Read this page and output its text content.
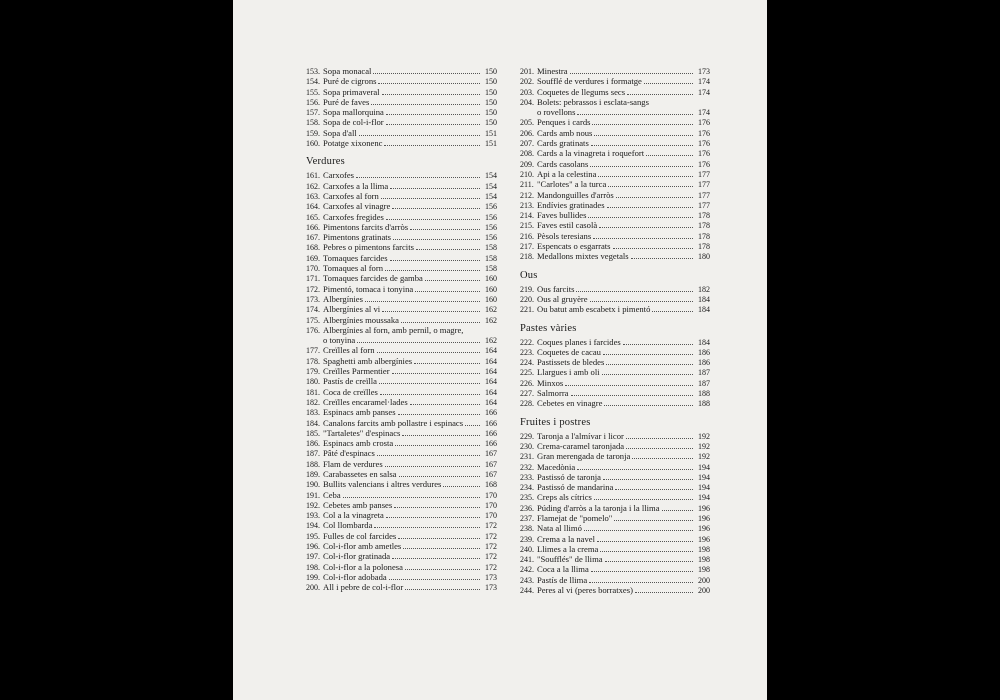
153. Sopa monacal	150
154. Puré de cigrons	150
155. Sopa primaveral	150
156. Puré de faves	150
157. Sopa mallorquina	150
158. Sopa de col-i-flor	150
159. Sopa d'all	151
160. Potatge xixonenc	151
Verdures
161. Carxofes	154
162. Carxofes a la llima	154
163. Carxofes al forn	154
164. Carxofes al vinagre	156
165. Carxofes fregides	156
166. Pimentons farcits d'arròs	156
167. Pimentons gratinats	156
168. Pebres o pimentons farcits	158
169. Tomaques farcides	158
170. Tomaques al forn	158
171. Tomaques farcides de gamba	160
172. Pimentó, tomaca i tonyina	160
173. Albergínies	160
174. Albergínies al vi	162
175. Albergínies moussaka	162
176. Albergínies al forn, amb pernil, o magre,
o tonyina	162
177. Creïlles al forn	164
178. Spaghetti amb albergínies	164
179. Creïlles Parmentier	164
180. Pastís de creïlla	164
181. Coca de creïlles	164
182. Creïlles encaramel·lades	164
183. Espinacs amb panses	166
184. Canalons farcits amb pollastre i espinacs	166
185. "Tartaletes" d'espinacs	166
186. Espinacs amb crosta	166
187. Pâté d'espinacs	167
188. Flam de verdures	167
189. Carabassetes en salsa	167
190. Bullits valencians i altres verdures	168
191. Ceba	170
192. Cebetes amb panses	170
193. Col a la vinagreta	170
194. Col llombarda	172
195. Fulles de col farcides	172
196. Col-i-flor amb ametles	172
197. Col-i-flor gratinada	172
198. Col-i-flor a la polonesa	172
199. Col-i-flor adobada	173
200. All i pebre de col-i-flor	173
201. Minestra	173
202. Soufflé de verdures i formatge	174
203. Coquetes de llegums secs	174
204. Bolets: pebrassos i esclata-sangs
o rovellons	174
205. Penques i cards	176
206. Cards amb nous	176
207. Cards gratinats	176
208. Cards a la vinagreta i roquefort	176
209. Cards casolans	176
210. Api a la celestina	177
211. "Carlotes" a la turca	177
212. Mandonguilles d'arròs	177
213. Endívies gratinades	177
214. Faves bullides	178
215. Faves estil casolà	178
216. Pèsols teresians	178
217. Espencats o esgarrats	178
218. Medallons mixtes vegetals	180
Ous
219. Ous farcits	182
220. Ous al gruyère	184
221. Ou batut amb escabetx i pimentó	184
Pastes vàries
222. Coques planes i farcides	184
223. Coquetes de cacau	186
224. Pastissets de bledes	186
225. Llargues i amb oli	187
226. Minxos	187
227. Salmorra	188
228. Cebetes en vinagre	188
Fruites i postres
229. Taronja a l'almívar i licor	192
230. Crema-caramel taronjada	192
231. Gran merengada de taronja	192
232. Macedònia	194
233. Pastissó de taronja	194
234. Pastissó de mandarina	194
235. Creps als cítrics	194
236. Púding d'arròs a la taronja i la llima	196
237. Flamejat de "pomelo"	196
238. Nata al llimó	196
239. Crema a la navel	196
240. Llimes a la crema	198
241. "Soufflés" de llima	198
242. Coca a la llima	198
243. Pastís de llima	200
244. Peres al vi (peres borratxes)	200
